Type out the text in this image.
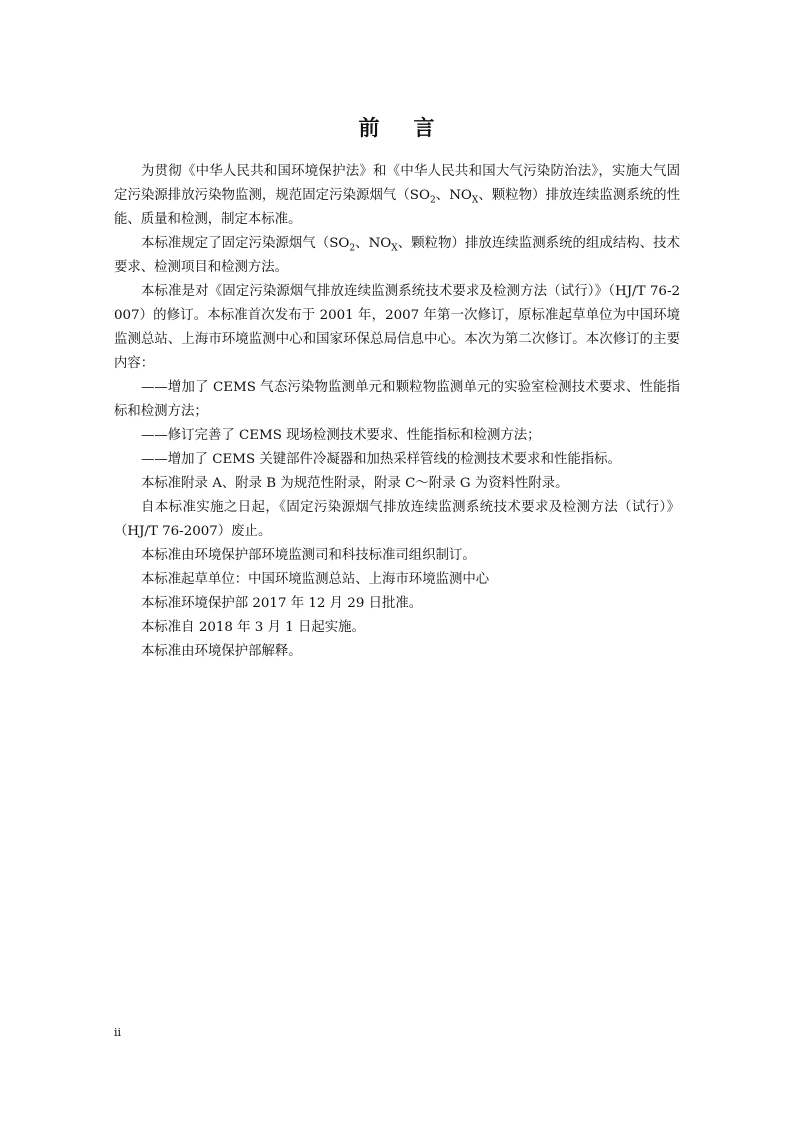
前言

为贯彻《中华人民共和国环境保护法》和《中华人民共和国大气污染防治法》，实施大气固定污染源排放污染物监测，规范固定污染源烟气（$SO_2$、$NO_X$、颗粒物）排放连续监测系统的性能、质量和检测，制定本标准。

本标准规定了固定污染源烟气（$SO_2$、$NO_X$、颗粒物）排放连续监测系统的组成结构、技术要求、检测项目和检测方法。

本标准是对《固定污染源烟气排放连续监测系统技术要求及检测方法（试行）》（HJ/T 76-2007）的修订。本标准首次发布于 2001 年，2007 年第一次修订，原标准起草单位为中国环境监测总站、上海市环境监测中心和国家环保总局信息中心。本次为第二次修订。本次修订的主要内容：

——增加了 CEMS 气态污染物监测单元和颗粒物监测单元的实验室检测技术要求、性能指标和检测方法；

——修订完善了 CEMS 现场检测技术要求、性能指标和检测方法；

——增加了 CEMS 关键部件冷凝器和加热采样管线的检测技术要求和性能指标。

本标准附录 A、附录 B 为规范性附录，附录 C～附录 G 为资料性附录。

自本标准实施之日起，《固定污染源烟气排放连续监测系统技术要求及检测方法（试行）》（HJ/T 76-2007）废止。

本标准由环境保护部环境监测司和科技标准司组织制订。

本标准起草单位：中国环境监测总站、上海市环境监测中心

本标准环境保护部 2017 年 12 月 29 日批准。

本标准自 2018 年 3 月 1 日起实施。

本标准由环境保护部解释。

ii
